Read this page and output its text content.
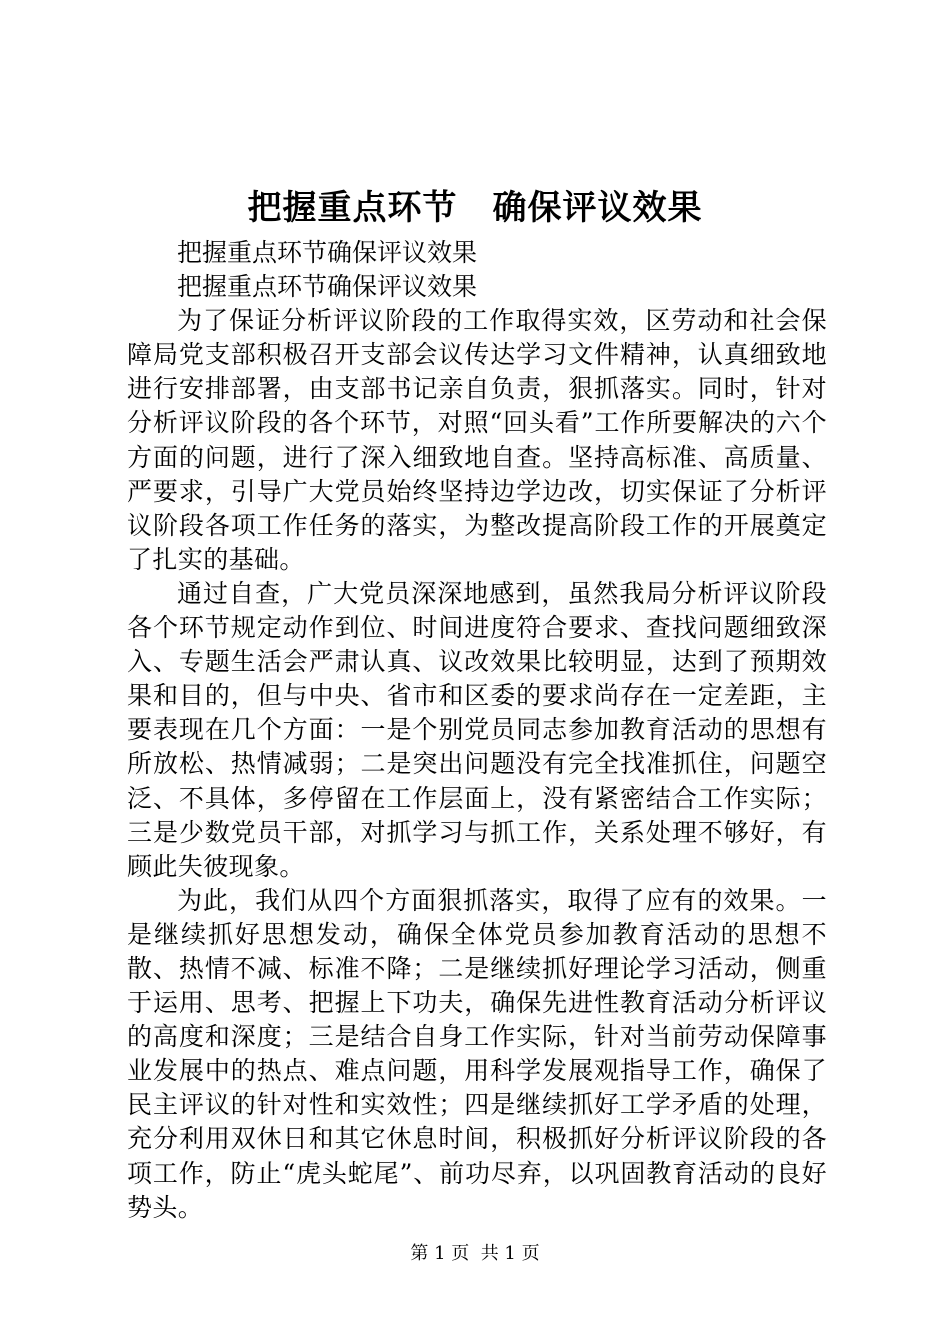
把握重点环节　确保评议效果

把握重点环节确保评议效果

把握重点环节确保评议效果

为了保证分析评议阶段的工作取得实效，区劳动和社会保障局党支部积极召开支部会议传达学习文件精神，认真细致地进行安排部署，由支部书记亲自负责，狠抓落实。同时，针对分析评议阶段的各个环节，对照“回头看”工作所要解决的六个方面的问题，进行了深入细致地自查。坚持高标准、高质量、严要求，引导广大党员始终坚持边学边改，切实保证了分析评议阶段各项工作任务的落实，为整改提高阶段工作的开展奠定了扎实的基础。

通过自查，广大党员深深地感到，虽然我局分析评议阶段各个环节规定动作到位、时间进度符合要求、查找问题细致深入、专题生活会严肃认真、议改效果比较明显，达到了预期效果和目的，但与中央、省市和区委的要求尚存在一定差距，主要表现在几个方面：一是个别党员同志参加教育活动的思想有所放松、热情减弱；二是突出问题没有完全找准抓住，问题空泛、不具体，多停留在工作层面上，没有紧密结合工作实际；三是少数党员干部，对抓学习与抓工作，关系处理不够好，有顾此失彼现象。

为此，我们从四个方面狠抓落实，取得了应有的效果。一是继续抓好思想发动，确保全体党员参加教育活动的思想不散、热情不减、标准不降；二是继续抓好理论学习活动，侧重于运用、思考、把握上下功夫，确保先进性教育活动分析评议的高度和深度；三是结合自身工作实际，针对当前劳动保障事业发展中的热点、难点问题，用科学发展观指导工作，确保了民主评议的针对性和实效性；四是继续抓好工学矛盾的处理，充分利用双休日和其它休息时间，积极抓好分析评议阶段的各项工作，防止“虎头蛇尾”、前功尽弃，以巩固教育活动的良好势头。

第 1 页  共 1 页
